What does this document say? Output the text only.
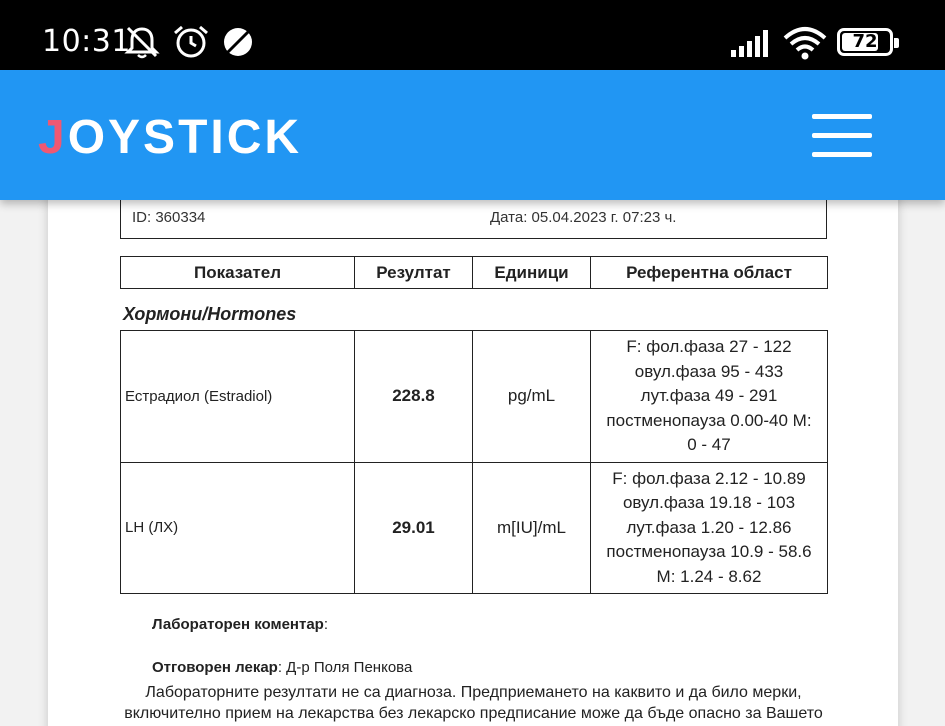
10:31	72
JOYSTICK
ID: 360334	Дата: 05.04.2023 г. 07:23 ч.
Показател	Резултат	Единици	Референтна област
Хормони/Hormones
Естрадиол (Estradiol)	228.8	pg/mL	F: фол.фаза 27 - 122
овул.фаза 95 - 433
лут.фаза 49 - 291
постменопауза 0.00-40 M:
0 - 47

LH (ЛХ)	29.01	m[IU]/mL	F: фол.фаза 2.12 - 10.89
овул.фаза 19.18 - 103
лут.фаза 1.20 - 12.86
постменопауза 10.9 - 58.6
M: 1.24 - 8.62
Лабораторен коментар:
Отговорен лекар: Д-р Поля Пенкова
Лабораторните резултати не са диагноза. Предприемането на каквито и да било мерки,
включително прием на лекарства без лекарско предписание може да бъде опасно за Вашето
